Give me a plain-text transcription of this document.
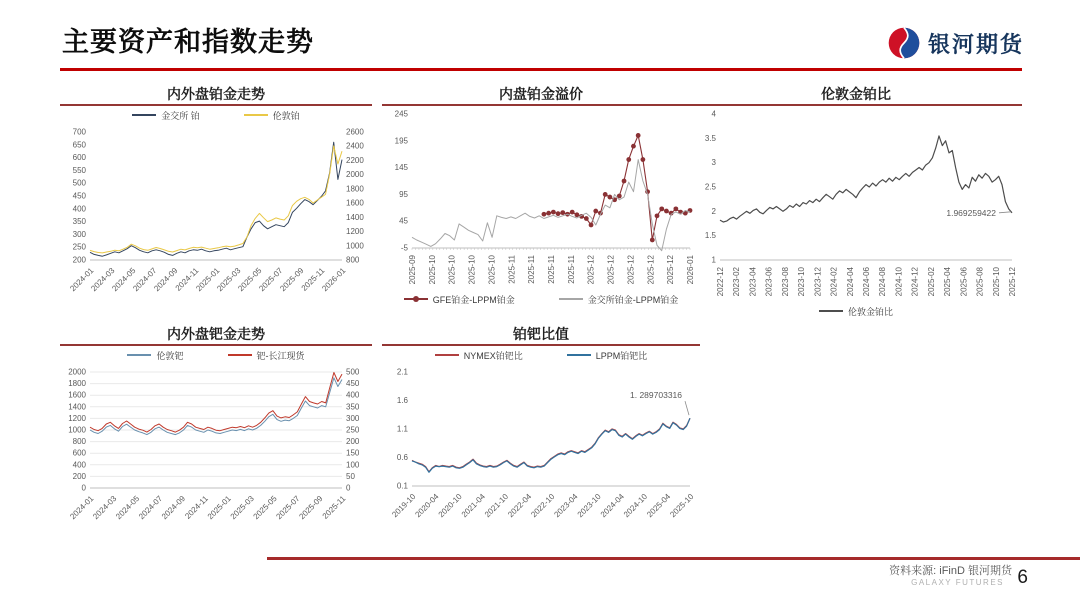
主要资产和指数走势	银河期货
内外盘铂金走势
金交所 铂	伦敦铂
700
650
600
550
500
450
400
350
300
250
200
2600
2400
2200
2000
1800
1600
1400
1200
1000
800
2024-01
2024-03
2024-05
2024-07
2024-09
2024-11
2025-01
2025-03
2025-05
2025-07
2025-09
2025-11
2026-01
内盘铂金溢价
GFE铂金-LPPM铂金	金交所铂金-LPPM铂金
245
195
145
95
45
-5
2025-09 2025-10 2025-10 2025-10 2025-10 2025-11 2025-11 2025-11 2025-11 2025-12 2025-12 2025-12 2025-12 2025-12 2026-01
伦敦金铂比
伦敦金铂比
4
3.5
3
2.5
2
1.5
1
2022-12 2023-02 2023-04 2023-06 2023-08 2023-10 2023-12 2024-02 2024-04 2024-06 2024-08 2024-10 2024-12 2025-02 2025-04 2025-06 2025-08 2025-10 2025-12
1.969259422
内外盘钯金走势
伦敦钯	钯-长江现货
2000
1800
1600
1400
1200
1000
800
600
400
200
0
500
450
400
350
300
250
200
150
100
50
0
2024-01
2024-03
2024-05
2024-07
2024-09
2024-11
2025-01
2025-03
2025-05
2025-07
2025-09
2025-11
铂钯比值
NYMEX铂钯比	LPPM铂钯比
2.1
1.6
1.1
0.6
0.1
2019-10
2020-04
2020-10
2021-04
2021-10
2022-04
2022-10
2023-04
2023-10
2024-04
2024-10
2025-04
2025-10
1. 289703316
资料来源: iFinD 银河期货
GALAXY FUTURES 6
